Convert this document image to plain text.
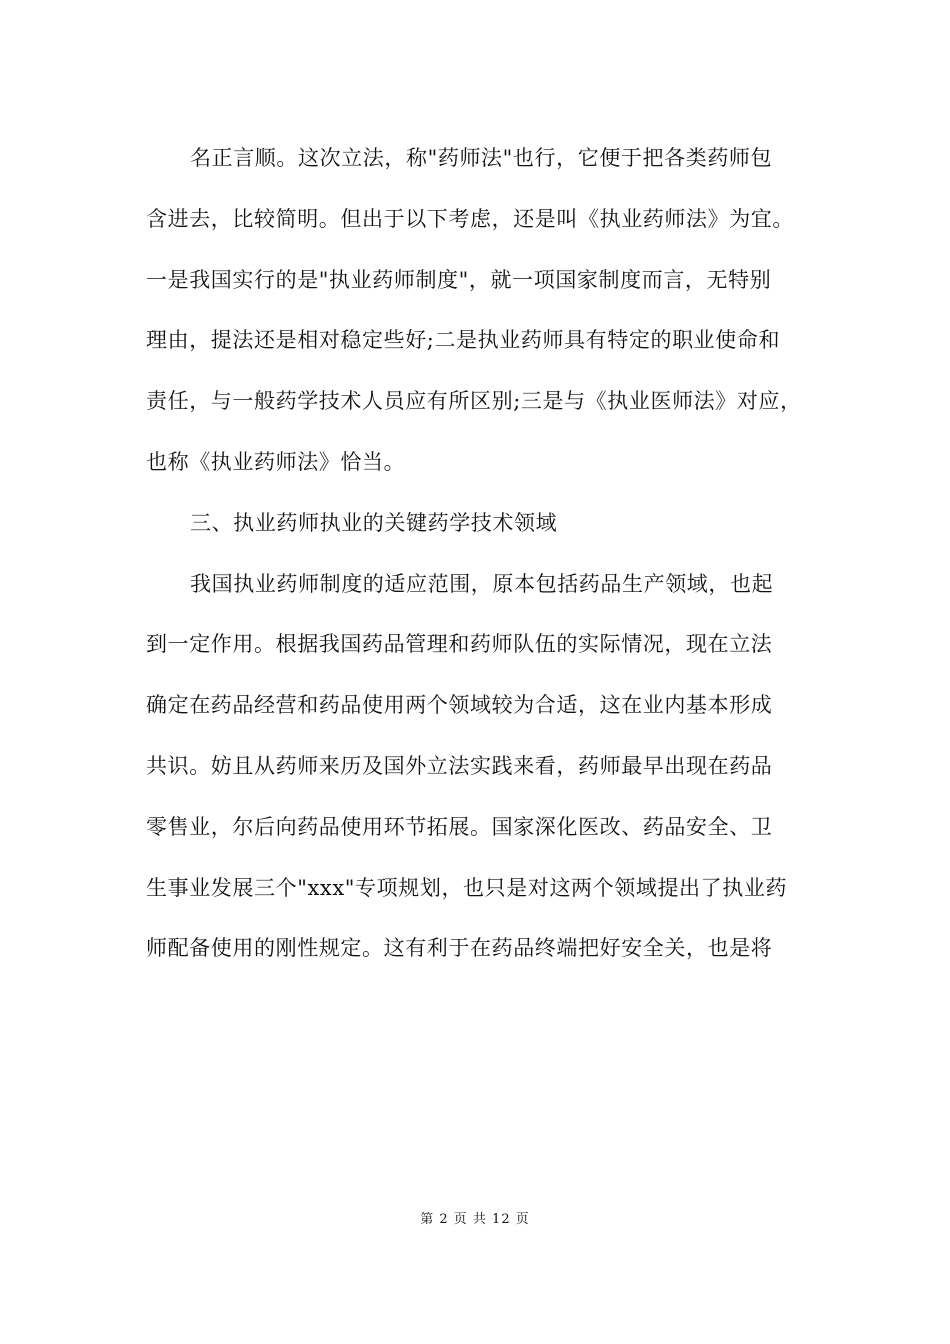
名正言顺。这次立法，称"药师法"也行，它便于把各类药师包
含进去，比较简明。但出于以下考虑，还是叫《执业药师法》为宜。
一是我国实行的是"执业药师制度"，就一项国家制度而言，无特别
理由，提法还是相对稳定些好;二是执业药师具有特定的职业使命和
责任，与一般药学技术人员应有所区别;三是与《执业医师法》对应，
也称《执业药师法》恰当。
三、执业药师执业的关键药学技术领域
我国执业药师制度的适应范围，原本包括药品生产领域，也起
到一定作用。根据我国药品管理和药师队伍的实际情况，现在立法
确定在药品经营和药品使用两个领域较为合适，这在业内基本形成
共识。妨且从药师来历及国外立法实践来看，药师最早出现在药品
零售业，尔后向药品使用环节拓展。国家深化医改、药品安全、卫
生事业发展三个"xxx"专项规划，也只是对这两个领域提出了执业药
师配备使用的刚性规定。这有利于在药品终端把好安全关，也是将
第 2 页 共 12 页
